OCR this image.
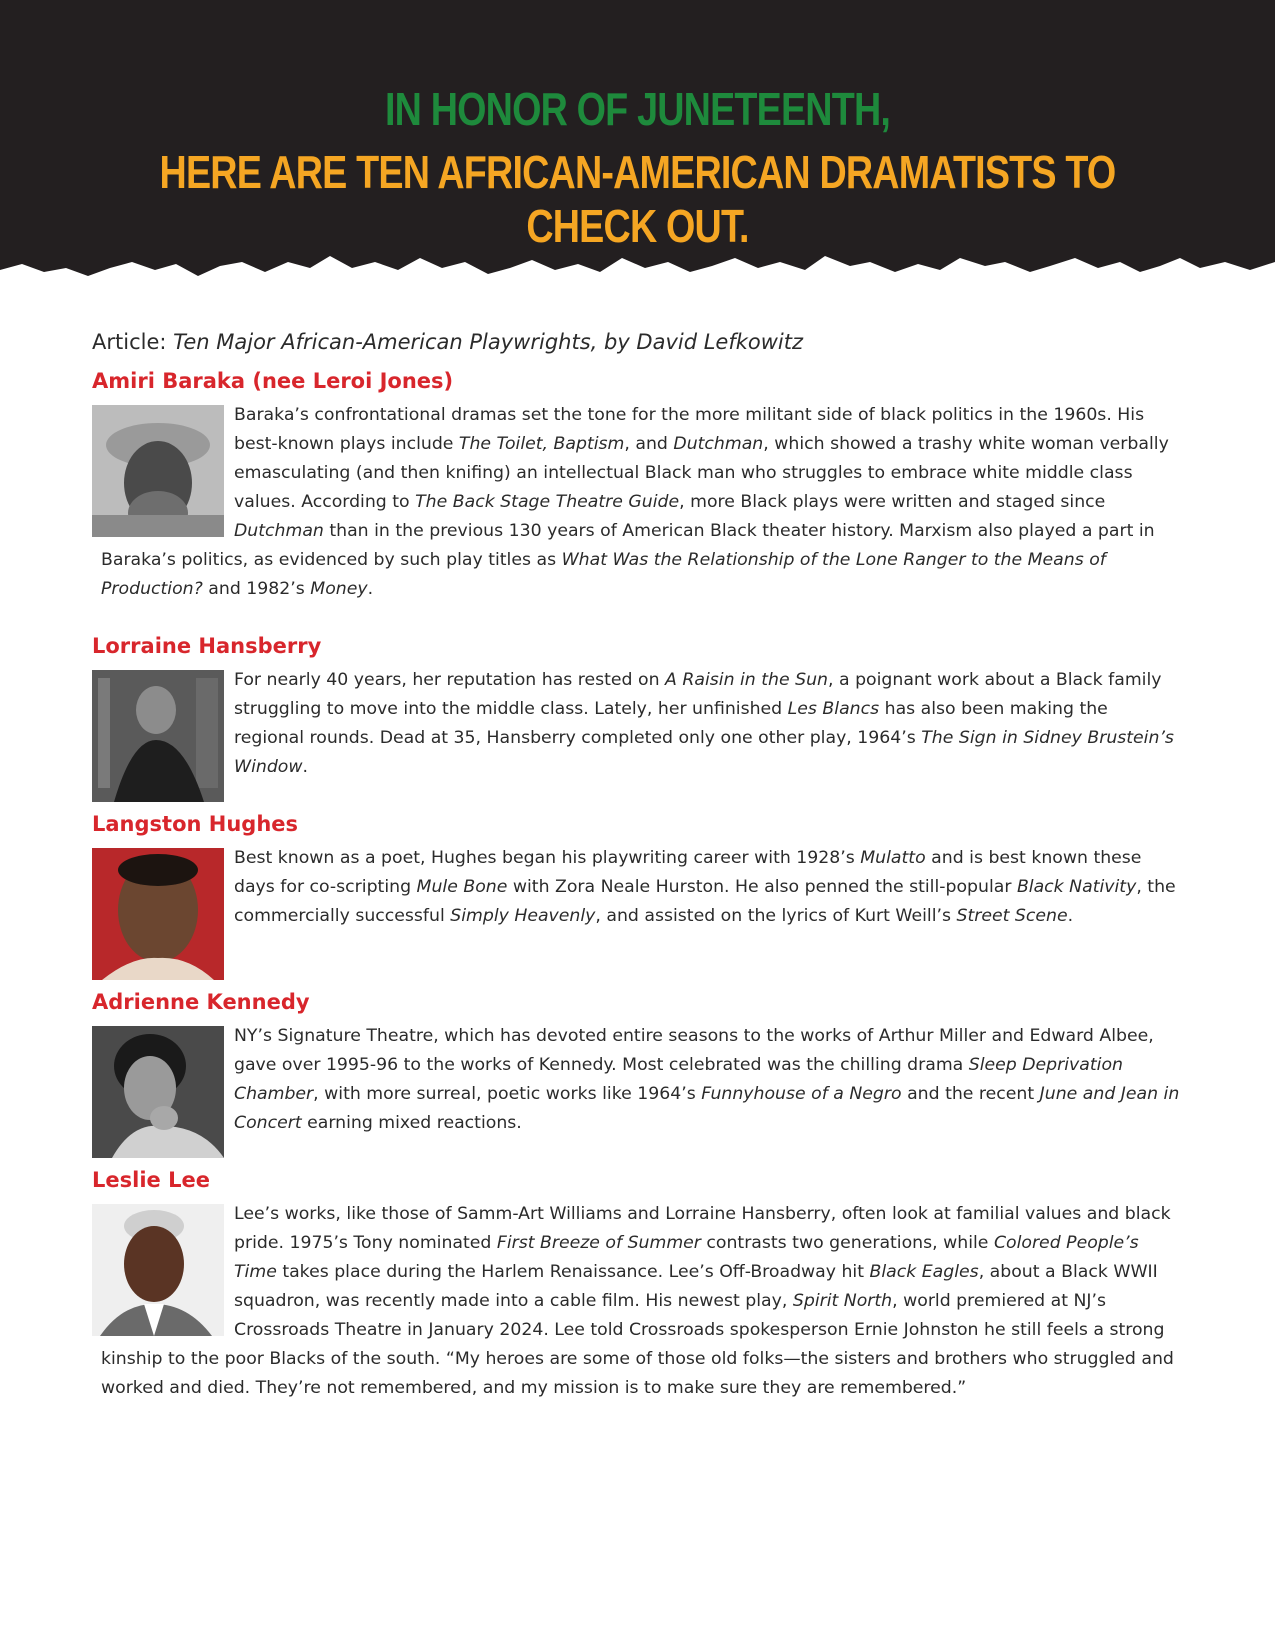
IN HONOR OF JUNETEENTH,
HERE ARE TEN AFRICAN-AMERICAN DRAMATISTS TO CHECK OUT.
Article: Ten Major African-American Playwrights, by David Lefkowitz
Amiri Baraka (nee Leroi Jones)
Baraka’s confrontational dramas set the tone for the more militant side of black politics in the 1960s. His best-known plays include The Toilet, Baptism, and Dutchman, which showed a trashy white woman verbally emasculating (and then knifing) an intellectual Black man who struggles to embrace white middle class values. According to The Back Stage Theatre Guide, more Black plays were written and staged since Dutchman than in the previous 130 years of American Black theater history. Marxism also played a part in Baraka’s politics, as evidenced by such play titles as What Was the Relationship of the Lone Ranger to the Means of Production? and 1982’s Money.
Lorraine Hansberry
For nearly 40 years, her reputation has rested on A Raisin in the Sun, a poignant work about a Black family struggling to move into the middle class. Lately, her unfinished Les Blancs has also been making the regional rounds. Dead at 35, Hansberry completed only one other play, 1964’s The Sign in Sidney Brustein’s Window.
Langston Hughes
Best known as a poet, Hughes began his playwriting career with 1928’s Mulatto and is best known these days for co-scripting Mule Bone with Zora Neale Hurston. He also penned the still-popular Black Nativity, the commercially successful Simply Heavenly, and assisted on the lyrics of Kurt Weill’s Street Scene.
Adrienne Kennedy
NY’s Signature Theatre, which has devoted entire seasons to the works of Arthur Miller and Edward Albee, gave over 1995-96 to the works of Kennedy. Most celebrated was the chilling drama Sleep Deprivation Chamber, with more surreal, poetic works like 1964’s Funnyhouse of a Negro and the recent June and Jean in Concert earning mixed reactions.
Leslie Lee
Lee’s works, like those of Samm-Art Williams and Lorraine Hansberry, often look at familial values and black pride. 1975’s Tony nominated First Breeze of Summer contrasts two generations, while Colored People’s Time takes place during the Harlem Renaissance. Lee’s Off-Broadway hit Black Eagles, about a Black WWII squadron, was recently made into a cable film. His newest play, Spirit North, world premiered at NJ’s Crossroads Theatre in January 2024. Lee told Crossroads spokesperson Ernie Johnston he still feels a strong kinship to the poor Blacks of the south. “My heroes are some of those old folks—the sisters and brothers who struggled and worked and died. They’re not remembered, and my mission is to make sure they are remembered.”
